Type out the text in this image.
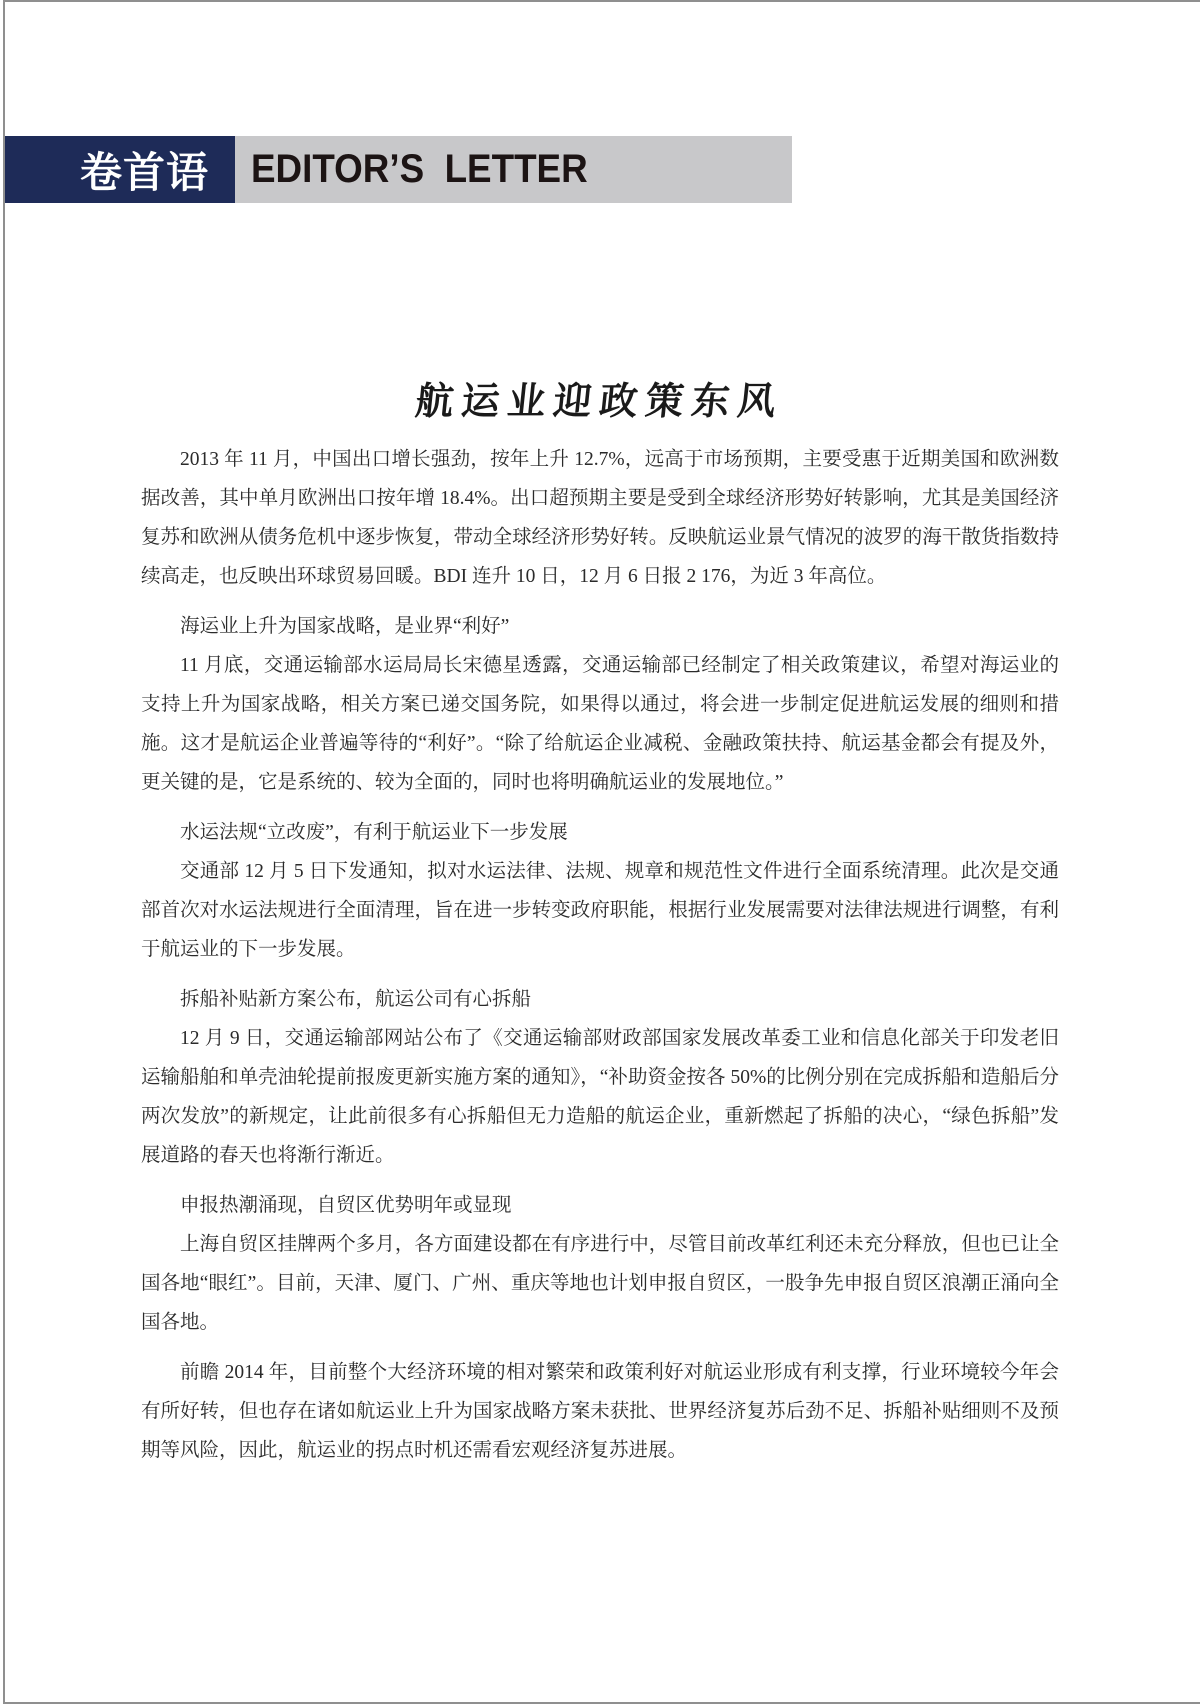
卷首语	EDITOR’S  LETTER
航运业迎政策东风

2013 年 11 月，中国出口增长强劲，按年上升 12.7%，远高于市场预期，主要受惠于近期美国和欧洲数据改善，其中单月欧洲出口按年增 18.4%。出口超预期主要是受到全球经济形势好转影响，尤其是美国经济复苏和欧洲从债务危机中逐步恢复，带动全球经济形势好转。反映航运业景气情况的波罗的海干散货指数持续高走，也反映出环球贸易回暖。BDI 连升 10 日，12 月 6 日报 2 176，为近 3 年高位。

海运业上升为国家战略，是业界“利好”

11 月底，交通运输部水运局局长宋德星透露，交通运输部已经制定了相关政策建议，希望对海运业的支持上升为国家战略，相关方案已递交国务院，如果得以通过，将会进一步制定促进航运发展的细则和措施。这才是航运企业普遍等待的“利好”。“除了给航运企业减税、金融政策扶持、航运基金都会有提及外，更关键的是，它是系统的、较为全面的，同时也将明确航运业的发展地位。”

水运法规“立改废”，有利于航运业下一步发展

交通部 12 月 5 日下发通知，拟对水运法律、法规、规章和规范性文件进行全面系统清理。此次是交通部首次对水运法规进行全面清理，旨在进一步转变政府职能，根据行业发展需要对法律法规进行调整，有利于航运业的下一步发展。

拆船补贴新方案公布，航运公司有心拆船

12 月 9 日，交通运输部网站公布了《交通运输部财政部国家发展改革委工业和信息化部关于印发老旧运输船舶和单壳油轮提前报废更新实施方案的通知》，“补助资金按各 50%的比例分别在完成拆船和造船后分两次发放”的新规定，让此前很多有心拆船但无力造船的航运企业，重新燃起了拆船的决心，“绿色拆船”发展道路的春天也将渐行渐近。

申报热潮涌现，自贸区优势明年或显现

上海自贸区挂牌两个多月，各方面建设都在有序进行中，尽管目前改革红利还未充分释放，但也已让全国各地“眼红”。目前，天津、厦门、广州、重庆等地也计划申报自贸区，一股争先申报自贸区浪潮正涌向全国各地。

前瞻 2014 年，目前整个大经济环境的相对繁荣和政策利好对航运业形成有利支撑，行业环境较今年会有所好转，但也存在诸如航运业上升为国家战略方案未获批、世界经济复苏后劲不足、拆船补贴细则不及预期等风险，因此，航运业的拐点时机还需看宏观经济复苏进展。
